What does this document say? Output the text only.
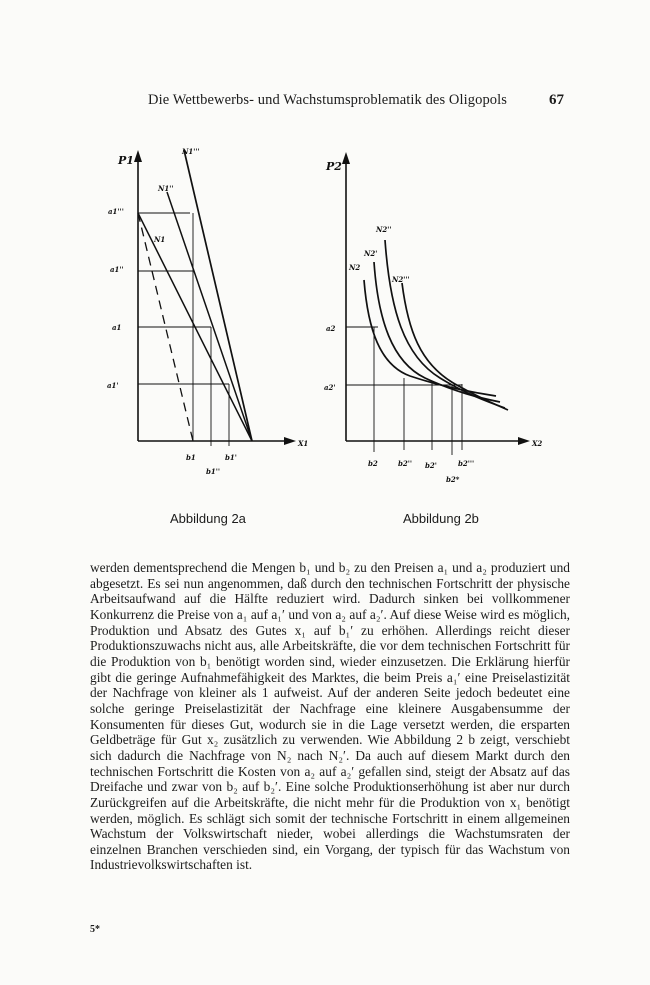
Die Wettbewerbs- und Wachstumsproblematik des Oligopols	67
P1
X1
a1'''
a1''
a1
a1'
b1
b1''
b1'
N1'''
N1''
N1
P2
X2
a2
a2'
b2	b2'' b2'
b2*
b2'''
N2''
N2'
N2
N2'''
Abbildung 2a	Abbildung 2b

werden dementsprechend die Mengen b₁ und b₂ zu den Preisen a₁ und a₂ produziert und abgesetzt. Es sei nun angenommen, daß durch den technischen Fortschritt der physische Arbeitsaufwand auf die Hälfte reduziert wird. Dadurch sinken bei vollkommener Konkurrenz die Preise von a₁ auf a₁′ und von a₂ auf a₂′. Auf diese Weise wird es möglich, Produktion und Absatz des Gutes x₁ auf b₁′ zu erhöhen. Allerdings reicht dieser Produktionszuwachs nicht aus, alle Arbeitskräfte, die vor dem technischen Fortschritt für die Produktion von b₁ benötigt worden sind, wieder einzusetzen. Die Erklärung hierfür gibt die geringe Aufnahmefähigkeit des Marktes, die beim Preis a₁′ eine Preiselastizität der Nachfrage von kleiner als 1 aufweist. Auf der anderen Seite jedoch bedeutet eine solche geringe Preiselastizität der Nachfrage eine kleinere Ausgabensumme der Konsumenten für dieses Gut, wodurch sie in die Lage versetzt werden, die ersparten Geldbeträge für Gut x₂ zusätzlich zu verwenden. Wie Abbildung 2 b zeigt, verschiebt sich dadurch die Nachfrage von N₂ nach N₂′. Da auch auf diesem Markt durch den technischen Fortschritt die Kosten von a₂ auf a₂′ gefallen sind, steigt der Absatz auf das Dreifache und zwar von b₂ auf b₂′. Eine solche Produktionserhöhung ist aber nur durch Zurückgreifen auf die Arbeitskräfte, die nicht mehr für die Produktion von x₁ benötigt werden, möglich. Es schlägt sich somit der technische Fortschritt in einem allgemeinen Wachstum der Volkswirtschaft nieder, wobei allerdings die Wachstumsraten der einzelnen Branchen verschieden sind, ein Vorgang, der typisch für das Wachstum von Industrievolkswirtschaften ist.

5*
